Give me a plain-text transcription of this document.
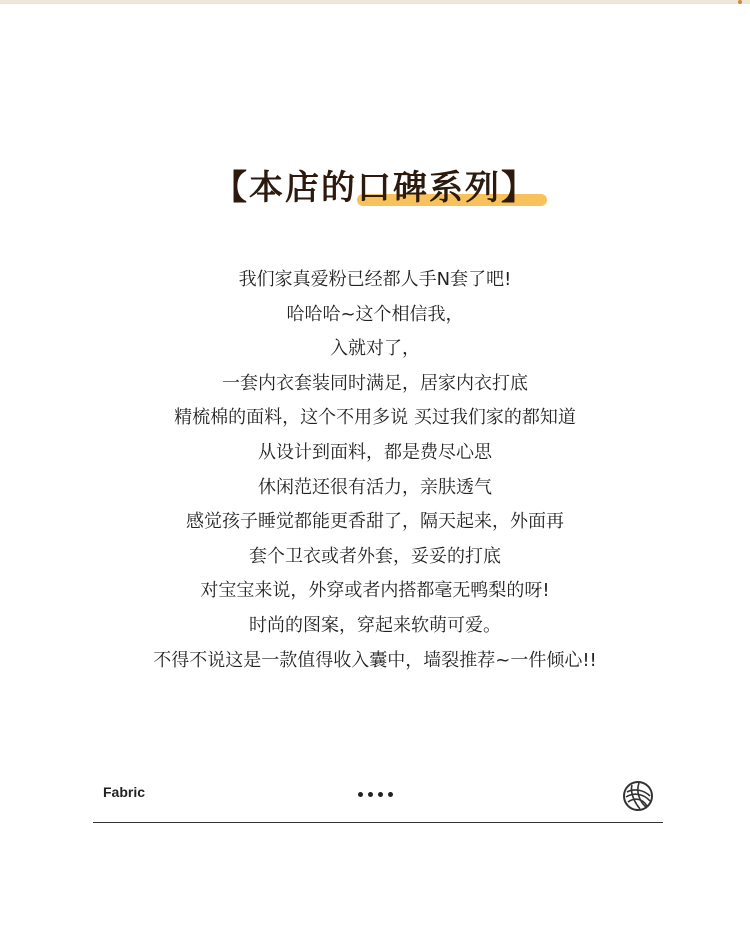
【本店的口碑系列】
我们家真爱粉已经都人手N套了吧!
哈哈哈~这个相信我，
入就对了，
一套内衣套装同时满足，居家内衣打底
精梳棉的面料，这个不用多说 买过我们家的都知道
从设计到面料，都是费尽心思
休闲范还很有活力，亲肤透气
感觉孩子睡觉都能更香甜了，隔天起来，外面再
套个卫衣或者外套，妥妥的打底
对宝宝来说，外穿或者内搭都毫无鸭梨的呀!
时尚的图案，穿起来软萌可爱。
不得不说这是一款值得收入囊中，墙裂推荐~一件倾心!!
Fabric
